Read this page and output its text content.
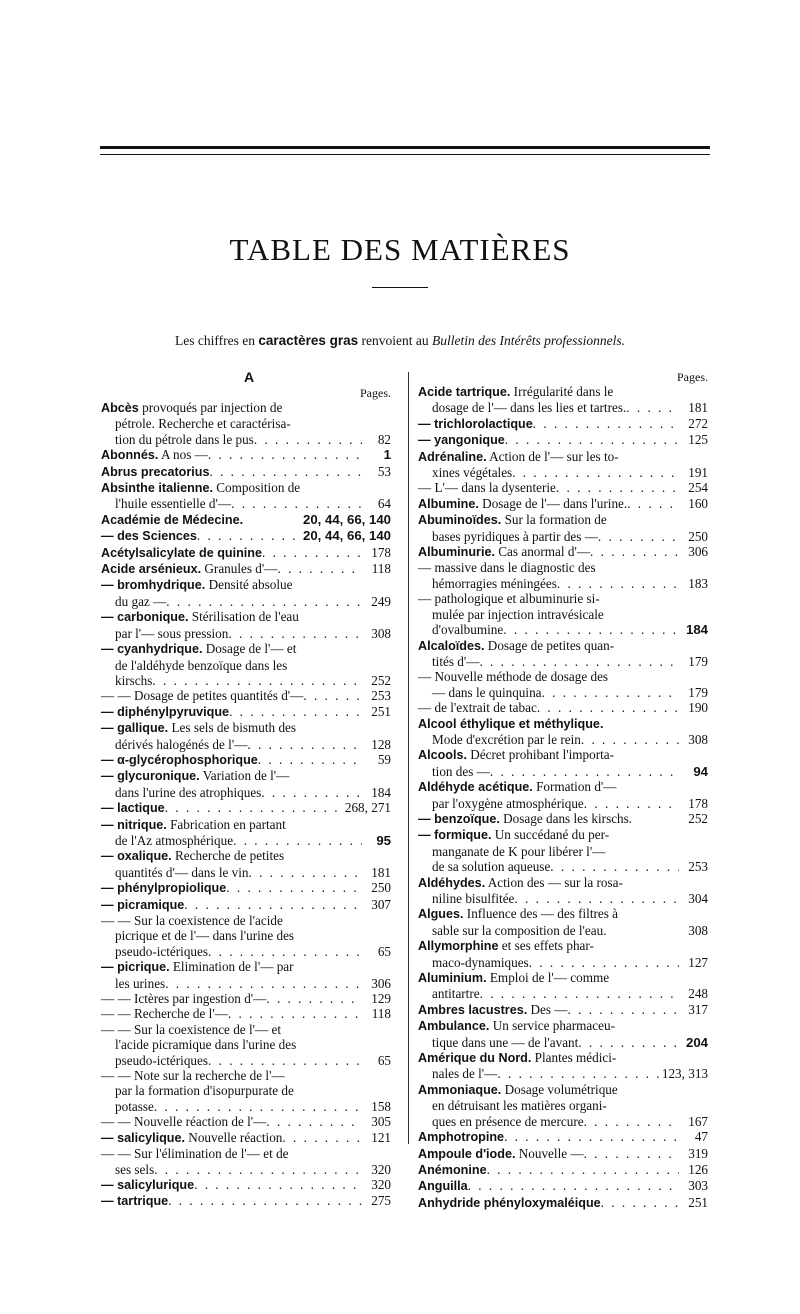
TABLE DES MATIÈRES
Les chiffres en caractères gras renvoient au Bulletin des Intérêts professionnels.
A
Pages.
Abcès provoqués par injection de
pétrole. Recherche et caractérisa-
tion du pétrole dans le pus . . .	82
Abonnés. A nos — . . .	1
Abrus precatorius . . .	53
Absinthe italienne. Composition de
l'huile essentielle d'— . . .	64
Académie de Médecine.	20, 44, 66, 140
— des Sciences . . .	20, 44, 66, 140
Acétylsalicylate de quinine . . .	178
Acide arsénieux. Granules d'— . . .	118
— bromhydrique. Densité absolue
du gaz — . . .	249
— carbonique. Stérilisation de l'eau
par l'— sous pression . . .	308
— cyanhydrique. Dosage de l'— et
de l'aldéhyde benzoïque dans les
kirschs . . .	252
— — Dosage de petites quantités d'— . . .	253
— diphénylpyruvique . . .	251
— gallique. Les sels de bismuth des
dérivés halogénés de l'— . . .	128
— α-glycérophosphorique . . .	59
— glycuronique. Variation de l'—
dans l'urine des atrophiques . . .	184
— lactique . . .	268, 271
— nitrique. Fabrication en partant
de l'Az atmosphérique . . .	95
— oxalique. Recherche de petites
quantités d'— dans le vin . . .	181
— phénylpropiolique . . .	250
— picramique . . .	307
— — Sur la coexistence de l'acide
picrique et de l'— dans l'urine des
pseudo-ictériques . . .	65
— picrique. Elimination de l'— par
les urines . . .	306
— — Ictères par ingestion d'— . . .	129
— — Recherche de l'— . . .	118
— — Sur la coexistence de l'— et
l'acide picramique dans l'urine des
pseudo-ictériques . . .	65
— — Note sur la recherche de l'—
par la formation d'isopurpurate de
potasse . . .	158
— — Nouvelle réaction de l'— . . .	305
— salicylique. Nouvelle réaction . . .	121
— — Sur l'élimination de l'— et de
ses sels . . .	320
— salicylurique . . .	320
— tartrique . . .	275
Pages.
Acide tartrique. Irrégularité dans le
dosage de l'— dans les lies et tartres. . . .	181
— trichlorolactique . . .	272
— yangonique . . .	125
Adrénaline. Action de l'— sur les to-
xines végétales . . .	191
— L'— dans la dysenterie . . .	254
Albumine. Dosage de l'— dans l'urine. . . .	160
Abuminoïdes. Sur la formation de
bases pyridiques à partir des — . . .	250
Albuminurie. Cas anormal d'— . . .	306
— massive dans le diagnostic des
hémorragies méningées . . .	183
— pathologique et albuminurie si-
mulée par injection intravésicale
d'ovalbumine . . .	184
Alcaloïdes. Dosage de petites quan-
tités d'— . . .	179
— Nouvelle méthode de dosage des
— dans le quinquina . . .	179
— de l'extrait de tabac . . .	190
Alcool éthylique et méthylique.
Mode d'excrétion par le rein . . .	308
Alcools. Décret prohibant l'importa-
tion des — . . .	94
Aldéhyde acétique. Formation d'—
par l'oxygène atmosphérique . . .	178
— benzoïque. Dosage dans les kirschs.	252
— formique. Un succédané du per-
manganate de K pour libérer l'—
de sa solution aqueuse . . .	253
Aldéhydes. Action des — sur la rosa-
niline bisulfitée . . .	304
Algues. Influence des — des filtres à
sable sur la composition de l'eau.	308
Allymorphine et ses effets phar-
maco-dynamiques . . .	127
Aluminium. Emploi de l'— comme
antitartre . . .	248
Ambres lacustres. Des — . . .	317
Ambulance. Un service pharmaceu-
tique dans une — de l'avant . . .	204
Amérique du Nord. Plantes médici-
nales de l'— . . .	123, 313
Ammoniaque. Dosage volumétrique
en détruisant les matières organi-
ques en présence de mercure . . .	167
Amphotropine . . .	47
Ampoule d'iode. Nouvelle — . . .	319
Anémonine . . .	126
Anguilla . . .	303
Anhydride phényloxymaléique . . .	251
